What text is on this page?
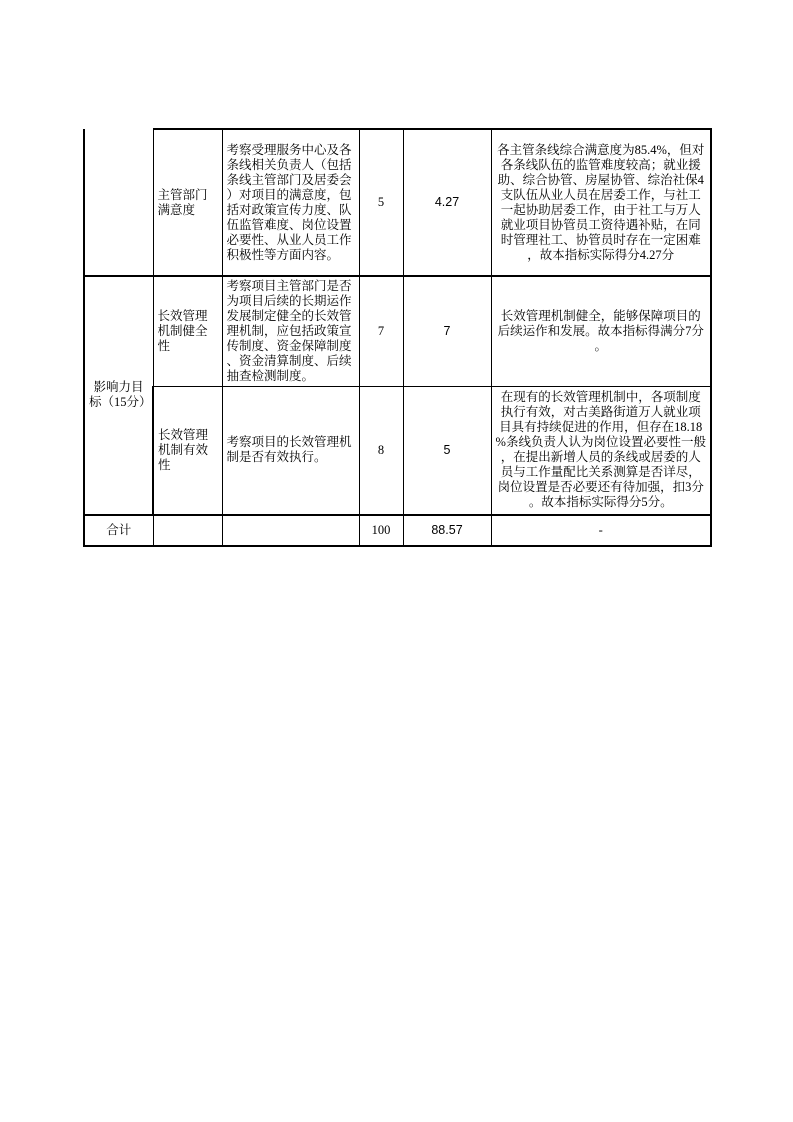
	主管部门满意度	考察受理服务中心及各条线相关负责人（包括条线主管部门及居委会）对项目的满意度，包括对政策宣传力度、队伍监管难度、岗位设置必要性、从业人员工作积极性等方面内容。	5	4.27	各主管条线综合满意度为85.4%，但对各条线队伍的监管难度较高；就业援助、综合协管、房屋协管、综治社保4支队伍从业人员在居委工作，与社工一起协助居委工作，由于社工与万人就业项目协管员工资待遇补贴，在同时管理社工、协管员时存在一定困难，故本指标实际得分4.27分
影响力目标（15分）	长效管理机制健全性	考察项目主管部门是否为项目后续的长期运作发展制定健全的长效管理机制，应包括政策宣传制度、资金保障制度、资金清算制度、后续抽查检测制度。	7	7	长效管理机制健全，能够保障项目的后续运作和发展。故本指标得满分7分。
	长效管理机制有效性	考察项目的长效管理机制是否有效执行。	8	5	在现有的长效管理机制中，各项制度执行有效，对古美路街道万人就业项目具有持续促进的作用，但存在18.18%条线负责人认为岗位设置必要性一般，在提出新增人员的条线或居委的人员与工作量配比关系测算是否详尽，岗位设置是否必要还有待加强，扣3分。故本指标实际得分5分。
合计			100	88.57	-
